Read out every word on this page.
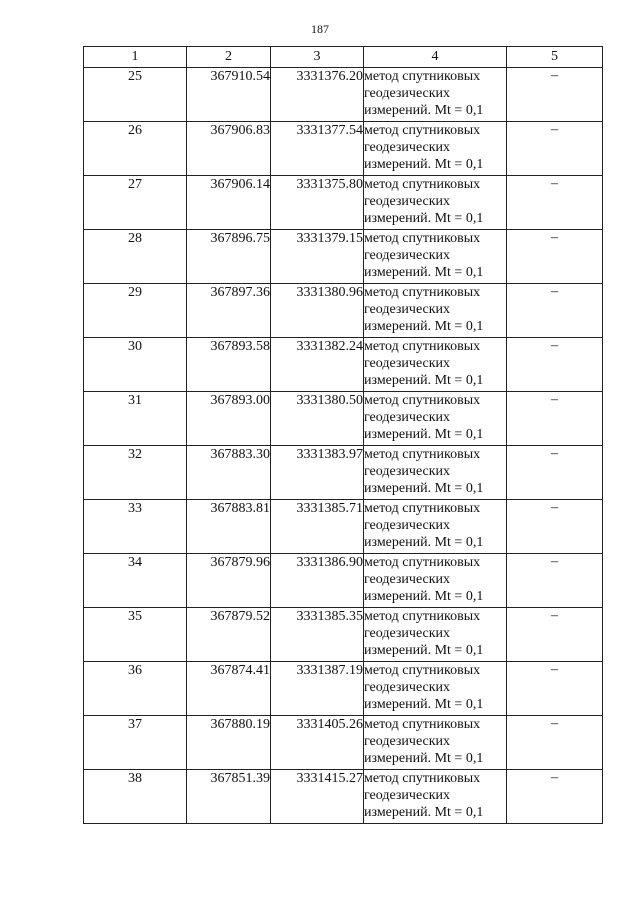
187
1	2	3	4	5
25	367910.54	3331376.20	метод спутниковых
геодезических
измерений. Mt = 0,1	–
26	367906.83	3331377.54	метод спутниковых
геодезических
измерений. Mt = 0,1	–
27	367906.14	3331375.80	метод спутниковых
геодезических
измерений. Mt = 0,1	–
28	367896.75	3331379.15	метод спутниковых
геодезических
измерений. Mt = 0,1	–
29	367897.36	3331380.96	метод спутниковых
геодезических
измерений. Mt = 0,1	–
30	367893.58	3331382.24	метод спутниковых
геодезических
измерений. Mt = 0,1	–
31	367893.00	3331380.50	метод спутниковых
геодезических
измерений. Mt = 0,1	–
32	367883.30	3331383.97	метод спутниковых
геодезических
измерений. Mt = 0,1	–
33	367883.81	3331385.71	метод спутниковых
геодезических
измерений. Mt = 0,1	–
34	367879.96	3331386.90	метод спутниковых
геодезических
измерений. Mt = 0,1	–
35	367879.52	3331385.35	метод спутниковых
геодезических
измерений. Mt = 0,1	–
36	367874.41	3331387.19	метод спутниковых
геодезических
измерений. Mt = 0,1	–
37	367880.19	3331405.26	метод спутниковых
геодезических
измерений. Mt = 0,1	–
38	367851.39	3331415.27	метод спутниковых
геодезических
измерений. Mt = 0,1	–
